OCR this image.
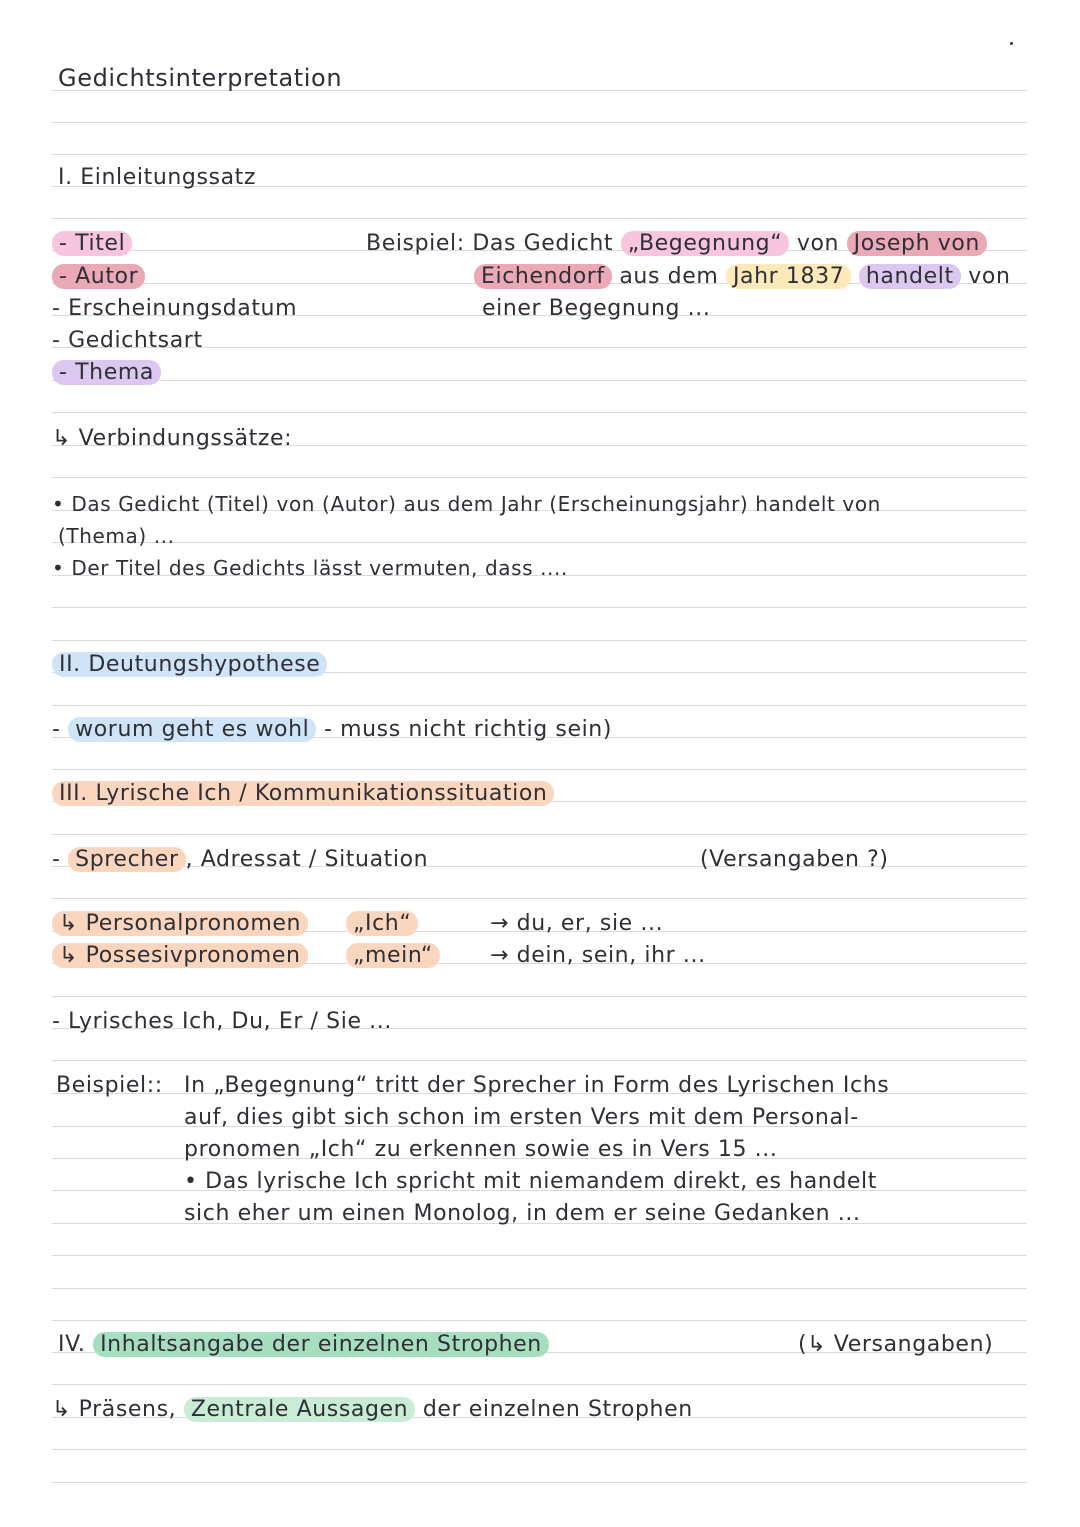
Gedichtsinterpretation
I. Einleitungssatz
- Titel
- Autor
- Erscheinungsdatum
- Gedichtsart
- Thema
Beispiel: Das Gedicht „Begegnung“ von Joseph von
Eichendorf aus dem Jahr 1837 handelt von
einer Begegnung ...
↳ Verbindungssätze:
• Das Gedicht (Titel) von (Autor) aus dem Jahr (Erscheinungsjahr) handelt von
(Thema) ...
• Der Titel des Gedichts lässt vermuten, dass ....
II. Deutungshypothese
- worum geht es wohl - muss nicht richtig sein)
III. Lyrische Ich / Kommunikationssituation
- Sprecher , Adressat / Situation	(Versangaben ?)
↳ Personalpronomen	„Ich“	→ du, er, sie ...
↳ Possesivpronomen	„mein“	→ dein, sein, ihr ...
- Lyrisches Ich, Du, Er / Sie ...
Beispiel:: In „Begegnung“ tritt der Sprecher in Form des Lyrischen Ichs
auf, dies gibt sich schon im ersten Vers mit dem Personal-
pronomen „Ich“ zu erkennen sowie es in Vers 15 ...
• Das lyrische Ich spricht mit niemandem direkt, es handelt
sich eher um einen Monolog, in dem er seine Gedanken ...
IV. Inhaltsangabe der einzelnen Strophen	(↳ Versangaben)
↳ Präsens, Zentrale Aussagen der einzelnen Strophen
